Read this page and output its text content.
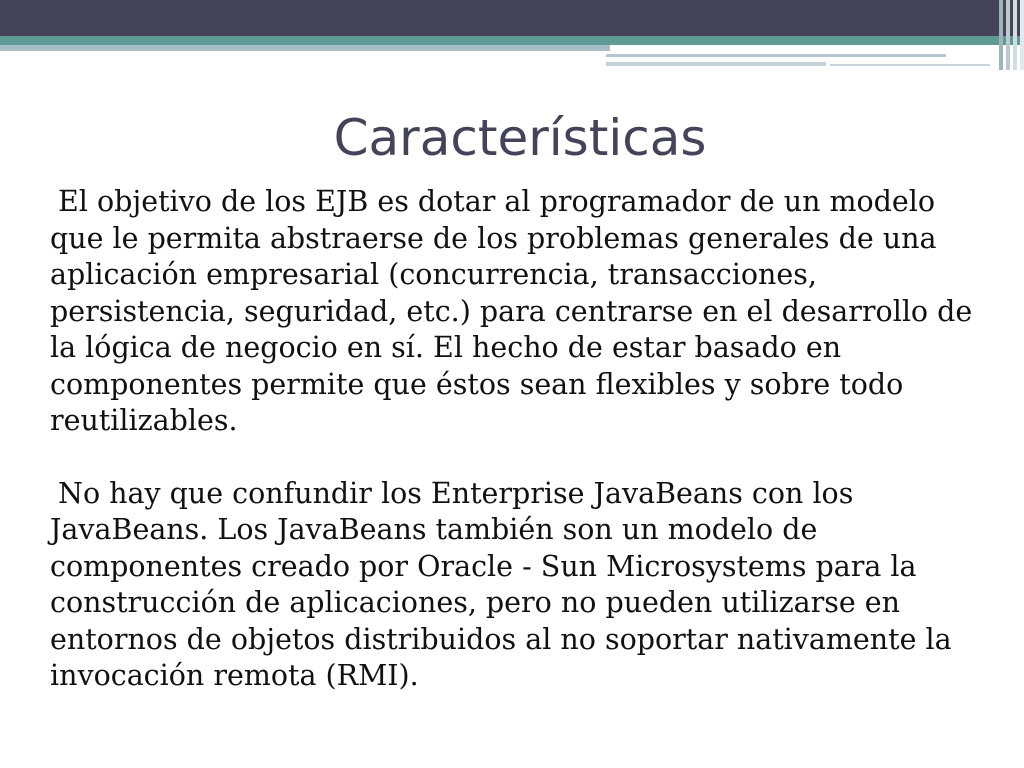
Características

El objetivo de los EJB es dotar al programador de un modelo que le permita abstraerse de los problemas generales de una aplicación empresarial (concurrencia, transacciones, persistencia, seguridad, etc.) para centrarse en el desarrollo de la lógica de negocio en sí. El hecho de estar basado en componentes permite que éstos sean flexibles y sobre todo reutilizables.

No hay que confundir los Enterprise JavaBeans con los JavaBeans. Los JavaBeans también son un modelo de componentes creado por Oracle - Sun Microsystems para la construcción de aplicaciones, pero no pueden utilizarse en entornos de objetos distribuidos al no soportar nativamente la invocación remota (RMI).
